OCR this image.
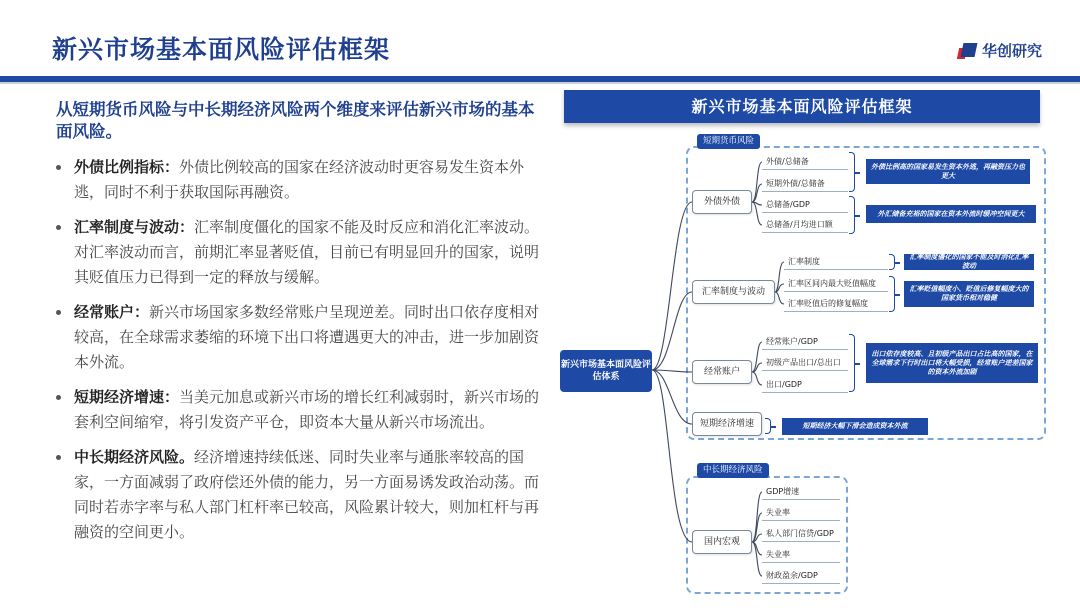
新兴市场基本面风险评估框架	华创研究
从短期货币风险与中长期经济风险两个维度来评估新兴市场的基本面风险。
外债比例指标：外债比例较高的国家在经济波动时更容易发生资本外逃，同时不利于获取国际再融资。
汇率制度与波动：汇率制度僵化的国家不能及时反应和消化汇率波动。对汇率波动而言，前期汇率显著贬值，目前已有明显回升的国家，说明其贬值压力已得到一定的释放与缓解。
经常账户：新兴市场国家多数经常账户呈现逆差。同时出口依存度相对较高，在全球需求萎缩的环境下出口将遭遇更大的冲击，进一步加剧资本外流。
短期经济增速：当美元加息或新兴市场的增长红利减弱时，新兴市场的套利空间缩窄，将引发资产平仓，即资本大量从新兴市场流出。
中长期经济风险。经济增速持续低迷、同时失业率与通胀率较高的国家，一方面减弱了政府偿还外债的能力，另一方面易诱发政治动荡。而同时若赤字率与私人部门杠杆率已较高，风险累计较大，则加杠杆与再融资的空间更小。
新兴市场基本面风险评估框架
短期货币风险
中长期经济风险
新兴市场基本面风险评估体系
外债外债
汇率制度与波动
经常账户
短期经济增速
国内宏观
外债/总储备
短期外债/总储备
总储备/GDP
总储备/月均进口额
汇率制度
汇率区间内最大贬值幅度
汇率贬值后的修复幅度
经常账户/GDP
初级产品出口/总出口
出口/GDP
GDP增速
失业率
私人部门信贷/GDP
失业率
财政盈余/GDP
外债比例高的国家易发生资本外逃，再融资压力也更大
外汇储备充裕的国家在资本外流时缓冲空间更大
汇率制度僵化的国家不能及时消化汇率波动
汇率贬值幅度小、贬值后修复幅度大的国家货币相对稳健
出口依存度较高、且初级产品出口占比高的国家，在全球需求下行时出口将大幅受损，经常账户逆差国家的资本外流加剧
短期经济大幅下滑会造成资本外流
